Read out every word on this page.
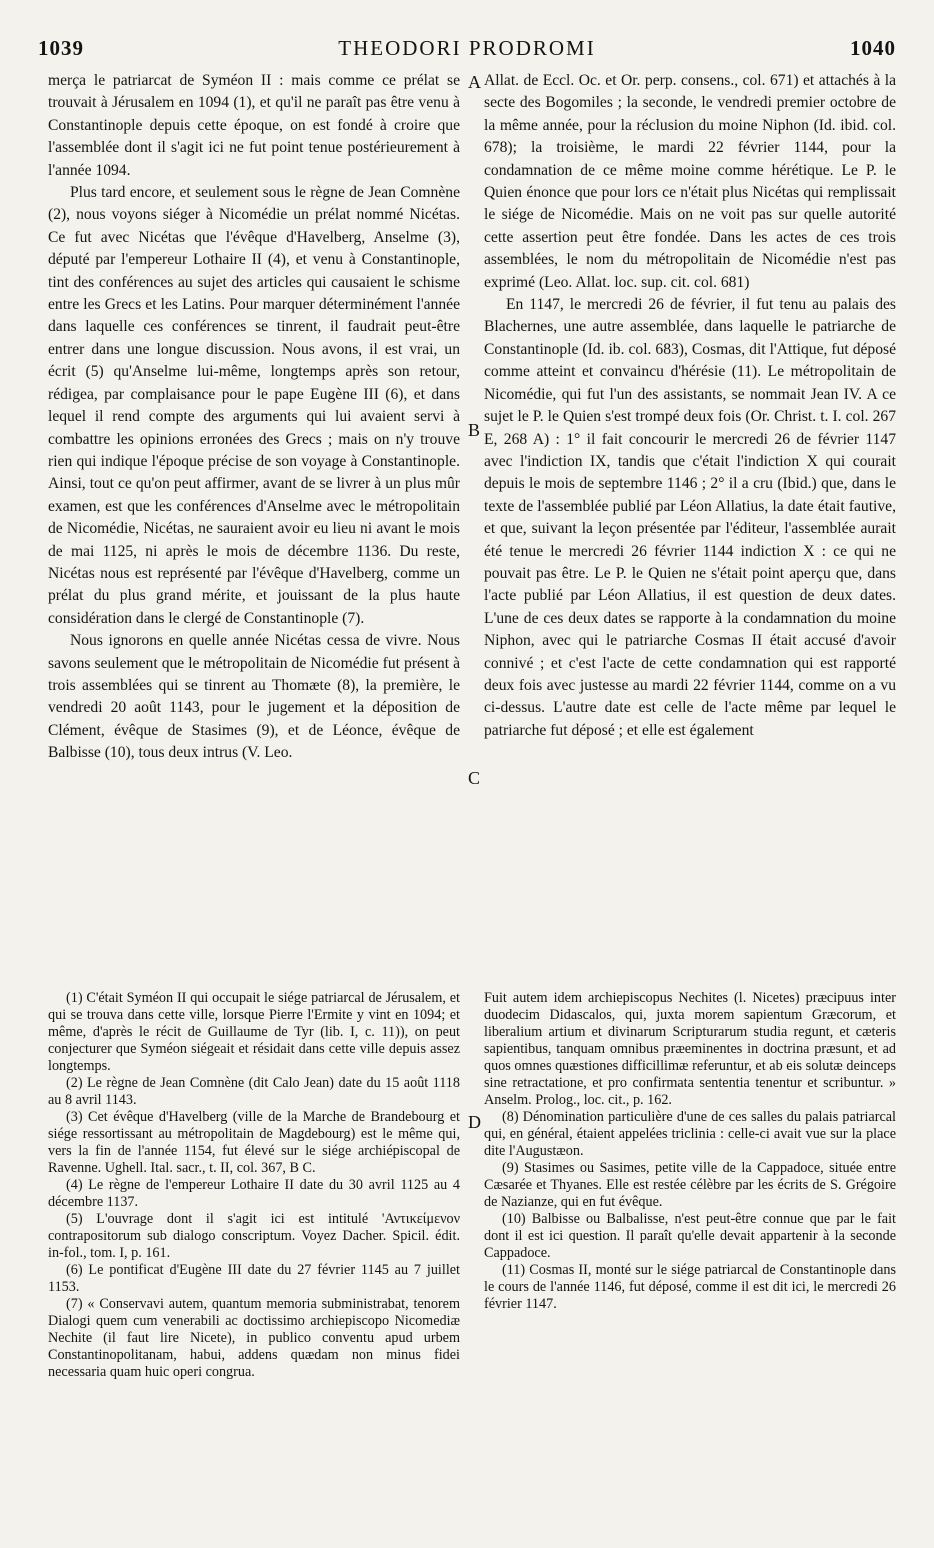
1039	THEODORI PRODROMI	1040
A
B
C
D

merça le patriarcat de Syméon II : mais comme ce prélat se trouvait à Jérusalem en 1094 (1), et qu'il ne paraît pas être venu à Constantinople depuis cette époque, on est fondé à croire que l'assemblée dont il s'agit ici ne fut point tenue postérieurement à l'année 1094.

Plus tard encore, et seulement sous le règne de Jean Comnène (2), nous voyons siéger à Nicomédie un prélat nommé Nicétas. Ce fut avec Nicétas que l'évêque d'Havelberg, Anselme (3), député par l'empereur Lothaire II (4), et venu à Constantinople, tint des conférences au sujet des articles qui causaient le schisme entre les Grecs et les Latins. Pour marquer déterminément l'année dans laquelle ces conférences se tinrent, il faudrait peut-être entrer dans une longue discussion. Nous avons, il est vrai, un écrit (5) qu'Anselme lui-même, longtemps après son retour, rédigea, par complaisance pour le pape Eugène III (6), et dans lequel il rend compte des arguments qui lui avaient servi à combattre les opinions erronées des Grecs ; mais on n'y trouve rien qui indique l'époque précise de son voyage à Constantinople. Ainsi, tout ce qu'on peut affirmer, avant de se livrer à un plus mûr examen, est que les conférences d'Anselme avec le métropolitain de Nicomédie, Nicétas, ne sauraient avoir eu lieu ni avant le mois de mai 1125, ni après le mois de décembre 1136. Du reste, Nicétas nous est représenté par l'évêque d'Havelberg, comme un prélat du plus grand mérite, et jouissant de la plus haute considération dans le clergé de Constantinople (7).

Nous ignorons en quelle année Nicétas cessa de vivre. Nous savons seulement que le métropolitain de Nicomédie fut présent à trois assemblées qui se tinrent au Thomæte (8), la première, le vendredi 20 août 1143, pour le jugement et la déposition de Clément, évêque de Stasimes (9), et de Léonce, évêque de Balbisse (10), tous deux intrus (V. Leo.

Allat. de Eccl. Oc. et Or. perp. consens., col. 671) et attachés à la secte des Bogomiles ; la seconde, le vendredi premier octobre de la même année, pour la réclusion du moine Niphon (Id. ibid. col. 678); la troisième, le mardi 22 février 1144, pour la condamnation de ce même moine comme hérétique. Le P. le Quien énonce que pour lors ce n'était plus Nicétas qui remplissait le siége de Nicomédie. Mais on ne voit pas sur quelle autorité cette assertion peut être fondée. Dans les actes de ces trois assemblées, le nom du métropolitain de Nicomédie n'est pas exprimé (Leo. Allat. loc. sup. cit. col. 681)

En 1147, le mercredi 26 de février, il fut tenu au palais des Blachernes, une autre assemblée, dans laquelle le patriarche de Constantinople (Id. ib. col. 683), Cosmas, dit l'Attique, fut déposé comme atteint et convaincu d'hérésie (11). Le métropolitain de Nicomédie, qui fut l'un des assistants, se nommait Jean IV. A ce sujet le P. le Quien s'est trompé deux fois (Or. Christ. t. I. col. 267 E, 268 A) : 1° il fait concourir le mercredi 26 de février 1147 avec l'indiction IX, tandis que c'était l'indiction X qui courait depuis le mois de septembre 1146 ; 2° il a cru (Ibid.) que, dans le texte de l'assemblée publié par Léon Allatius, la date était fautive, et que, suivant la leçon présentée par l'éditeur, l'assemblée aurait été tenue le mercredi 26 février 1144 indiction X : ce qui ne pouvait pas être. Le P. le Quien ne s'était point aperçu que, dans l'acte publié par Léon Allatius, il est question de deux dates. L'une de ces deux dates se rapporte à la condamnation du moine Niphon, avec qui le patriarche Cosmas II était accusé d'avoir connivé ; et c'est l'acte de cette condamnation qui est rapporté deux fois avec justesse au mardi 22 février 1144, comme on a vu ci-dessus. L'autre date est celle de l'acte même par lequel le patriarche fut déposé ; et elle est également

(1) C'était Syméon II qui occupait le siége patriarcal de Jérusalem, et qui se trouva dans cette ville, lorsque Pierre l'Ermite y vint en 1094; et même, d'après le récit de Guillaume de Tyr (lib. I, c. 11)), on peut conjecturer que Syméon siégeait et résidait dans cette ville depuis assez longtemps.

(2) Le règne de Jean Comnène (dit Calo Jean) date du 15 août 1118 au 8 avril 1143.

(3) Cet évêque d'Havelberg (ville de la Marche de Brandebourg et siége ressortissant au métropolitain de Magdebourg) est le même qui, vers la fin de l'année 1154, fut élevé sur le siége archiépiscopal de Ravenne. Ughell. Ital. sacr., t. II, col. 367, B C.

(4) Le règne de l'empereur Lothaire II date du 30 avril 1125 au 4 décembre 1137.

(5) L'ouvrage dont il s'agit ici est intitulé 'Αντικείμενον contrapositorum sub dialogo conscriptum. Voyez Dacher. Spicil. édit. in-fol., tom. I, p. 161.

(6) Le pontificat d'Eugène III date du 27 février 1145 au 7 juillet 1153.

(7) « Conservavi autem, quantum memoria subministrabat, tenorem Dialogi quem cum venerabili ac doctissimo archiepiscopo Nicomediæ Nechite (il faut lire Nicete), in publico conventu apud urbem Constantinopolitanam, habui, addens quædam non minus fidei necessaria quam huic operi congrua.

Fuit autem idem archiepiscopus Nechites (l. Nicetes) præcipuus inter duodecim Didascalos, qui, juxta morem sapientum Græcorum, et liberalium artium et divinarum Scripturarum studia regunt, et cæteris sapientibus, tanquam omnibus præeminentes in doctrina præsunt, et ad quos omnes quæstiones difficillimæ referuntur, et ab eis solutæ deinceps sine retractatione, et pro confirmata sententia tenentur et scribuntur. » Anselm. Prolog., loc. cit., p. 162.

(8) Dénomination particulière d'une de ces salles du palais patriarcal qui, en général, étaient appelées triclinia : celle-ci avait vue sur la place dite l'Augustæon.

(9) Stasimes ou Sasimes, petite ville de la Cappadoce, située entre Cæsarée et Thyanes. Elle est restée célèbre par les écrits de S. Grégoire de Nazianze, qui en fut évêque.

(10) Balbisse ou Balbalisse, n'est peut-être connue que par le fait dont il est ici question. Il paraît qu'elle devait appartenir à la seconde Cappadoce.

(11) Cosmas II, monté sur le siége patriarcal de Constantinople dans le cours de l'année 1146, fut déposé, comme il est dit ici, le mercredi 26 février 1147.
